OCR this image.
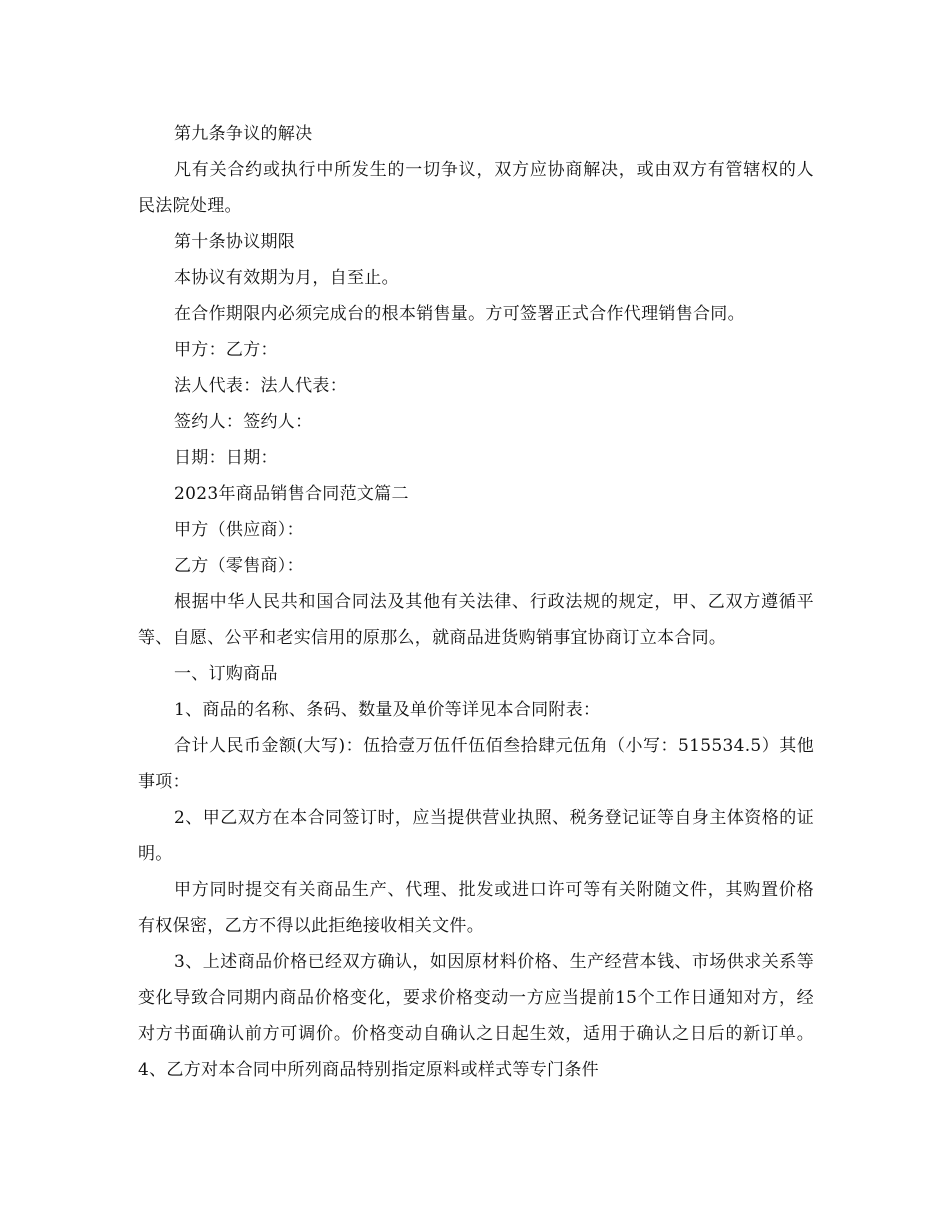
第九条争议的解决

凡有关合约或执行中所发生的一切争议，双方应协商解决，或由双方有管辖权的人民法院处理。

第十条协议期限

本协议有效期为月，自至止。

在合作期限内必须完成台的根本销售量。方可签署正式合作代理销售合同。

甲方：乙方：

法人代表：法人代表：

签约人：签约人：

日期：日期：

2023年商品销售合同范文篇二

甲方（供应商）：

乙方（零售商）：

根据中华人民共和国合同法及其他有关法律、行政法规的规定，甲、乙双方遵循平等、自愿、公平和老实信用的原那么，就商品进货购销事宜协商订立本合同。

一、订购商品

1、商品的名称、条码、数量及单价等详见本合同附表：

合计人民币金额(大写)：伍拾壹万伍仟伍佰叁拾肆元伍角（小写：515534.5）其他事项：

2、甲乙双方在本合同签订时，应当提供营业执照、税务登记证等自身主体资格的证明。

甲方同时提交有关商品生产、代理、批发或进口许可等有关附随文件，其购置价格有权保密，乙方不得以此拒绝接收相关文件。

3、上述商品价格已经双方确认，如因原材料价格、生产经营本钱、市场供求关系等变化导致合同期内商品价格变化，要求价格变动一方应当提前15个工作日通知对方，经对方书面确认前方可调价。价格变动自确认之日起生效，适用于确认之日后的新订单。4、乙方对本合同中所列商品特别指定原料或样式等专门条件
